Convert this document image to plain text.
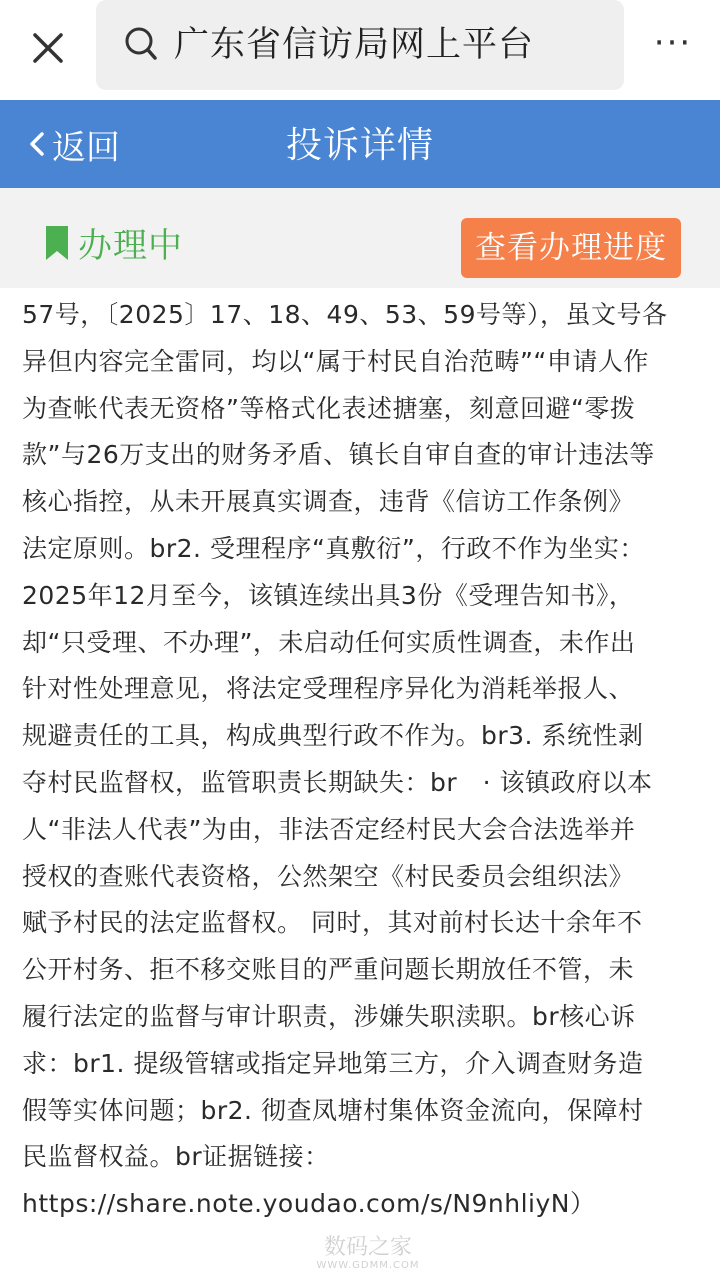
广东省信访局网上平台	···
投诉详情
返回
办理中	查看办理进度
57号，〔2025〕17、18、49、53、59号等），虽文号各
异但内容完全雷同，均以“属于村民自治范畴”“申请人作
为查帐代表无资格”等格式化表述搪塞，刻意回避“零拨
款”与26万支出的财务矛盾、镇长自审自查的审计违法等
核心指控，从未开展真实调查，违背《信访工作条例》
法定原则。br2. 受理程序“真敷衍”，行政不作为坐实：
2025年12月至今，该镇连续出具3份《受理告知书》，
却“只受理、不办理”，未启动任何实质性调查，未作出
针对性处理意见，将法定受理程序异化为消耗举报人、
规避责任的工具，构成典型行政不作为。br3. 系统性剥
夺村民监督权，监管职责长期缺失：br　· 该镇政府以本
人“非法人代表”为由，非法否定经村民大会合法选举并
授权的查账代表资格，公然架空《村民委员会组织法》
赋予村民的法定监督权。 同时，其对前村长达十余年不
公开村务、拒不移交账目的严重问题长期放任不管，未
履行法定的监督与审计职责，涉嫌失职渎职。br核心诉
求：br1. 提级管辖或指定异地第三方，介入调查财务造
假等实体问题；br2. 彻查凤塘村集体资金流向，保障村
民监督权益。br证据链接：
https://share.note.youdao.com/s/N9nhliyN）
数码之家
WWW.GDMM.COM
